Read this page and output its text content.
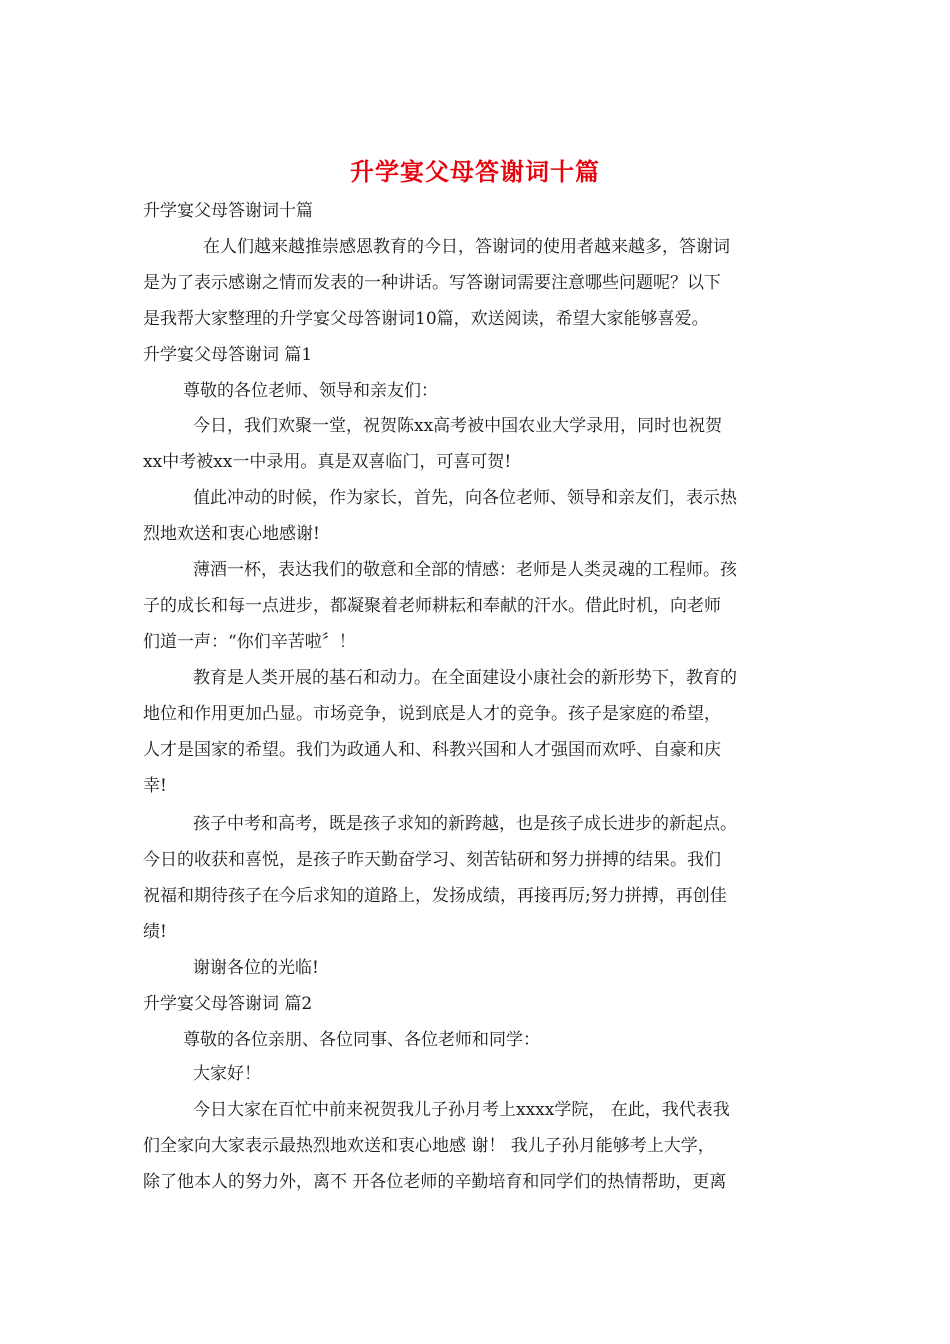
升学宴父母答谢词十篇
升学宴父母答谢词十篇
在人们越来越推崇感恩教育的今日，答谢词的使用者越来越多，答谢词
是为了表示感谢之情而发表的一种讲话。写答谢词需要注意哪些问题呢？以下
是我帮大家整理的升学宴父母答谢词10篇，欢送阅读，希望大家能够喜爱。
升学宴父母答谢词 篇1
尊敬的各位老师、领导和亲友们：
今日，我们欢聚一堂，祝贺陈xx高考被中国农业大学录用，同时也祝贺
xx中考被xx一中录用。真是双喜临门，可喜可贺!
值此冲动的时候，作为家长，首先，向各位老师、领导和亲友们，表示热
烈地欢送和衷心地感谢!
薄酒一杯，表达我们的敬意和全部的情感：老师是人类灵魂的工程师。孩
子的成长和每一点进步，都凝聚着老师耕耘和奉献的汗水。借此时机，向老师
们道一声：“你们辛苦啦〞！
教育是人类开展的基石和动力。在全面建设小康社会的新形势下，教育的
地位和作用更加凸显。市场竞争，说到底是人才的竞争。孩子是家庭的希望，
人才是国家的希望。我们为政通人和、科教兴国和人才强国而欢呼、自豪和庆
幸!
孩子中考和高考，既是孩子求知的新跨越，也是孩子成长进步的新起点。
今日的收获和喜悦，是孩子昨天勤奋学习、刻苦钻研和努力拼搏的结果。我们
祝福和期待孩子在今后求知的道路上，发扬成绩，再接再厉;努力拼搏，再创佳
绩!
谢谢各位的光临!
升学宴父母答谢词 篇2
尊敬的各位亲朋、各位同事、各位老师和同学：
大家好！
今日大家在百忙中前来祝贺我儿子孙月考上xxxx学院， 在此，我代表我
们全家向大家表示最热烈地欢送和衷心地感 谢！ 我儿子孙月能够考上大学，
除了他本人的努力外，离不 开各位老师的辛勤培育和同学们的热情帮助，更离
